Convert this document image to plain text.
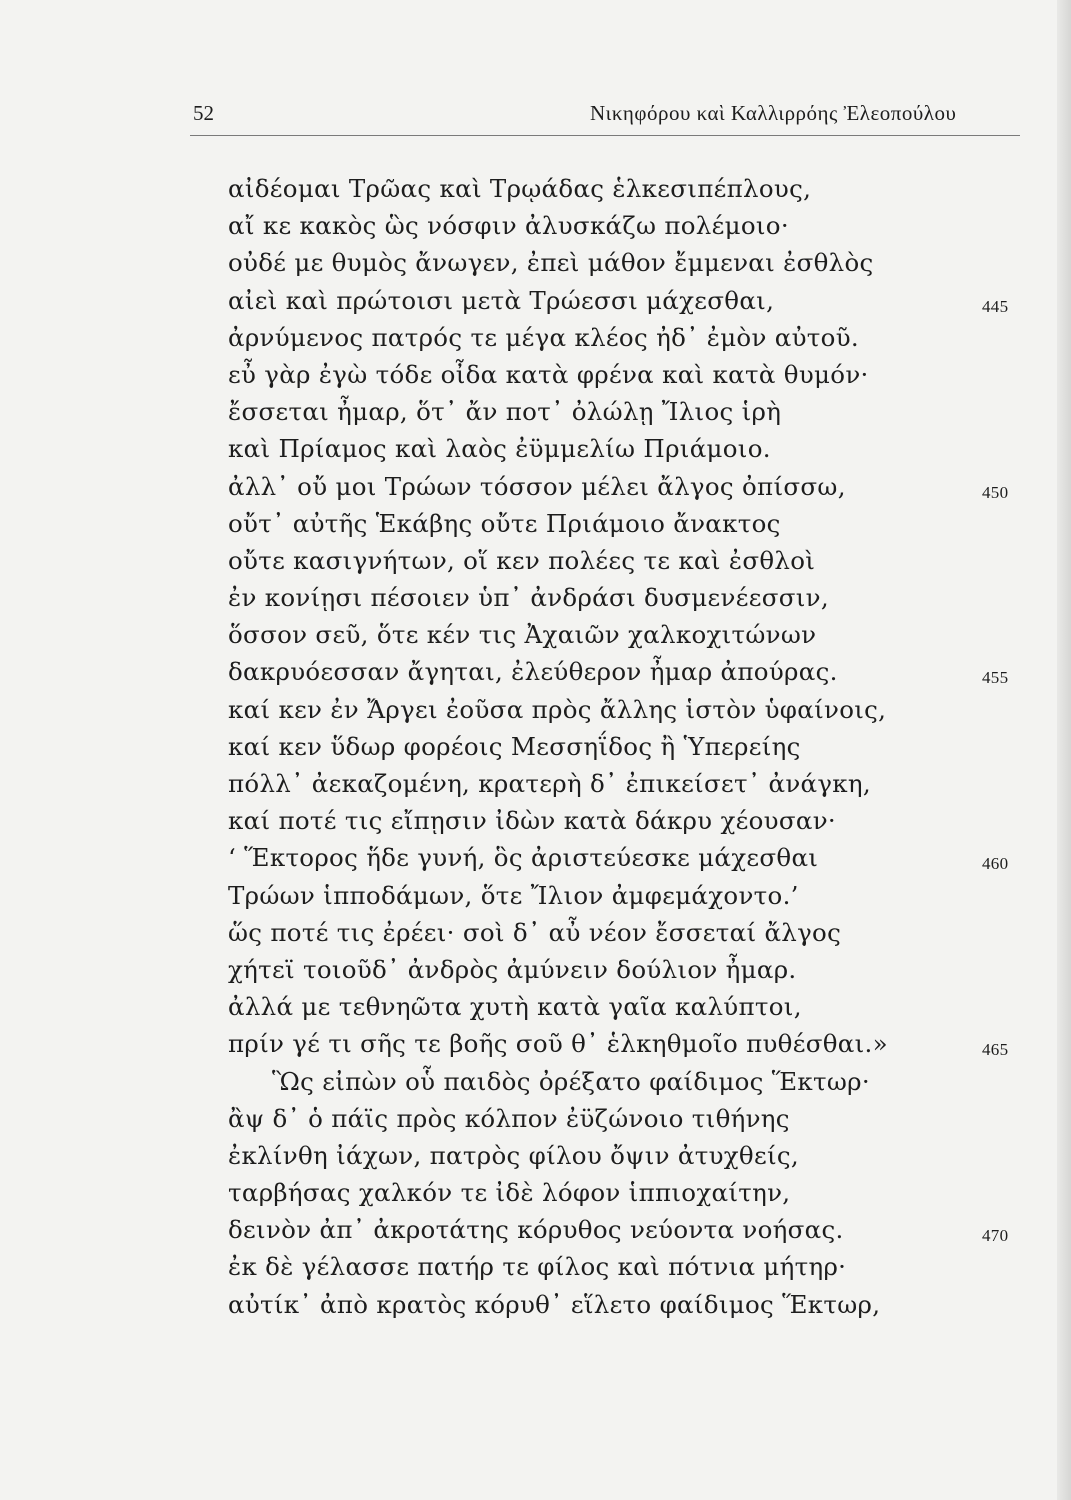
52	Νικηφόρου καὶ Καλλιρρόης Ἐλεοπούλου
αἰδέομαι Τρῶας καὶ Τρῳάδας ἑλκεσιπέπλους,
αἴ κε κακὸς ὣς νόσφιν ἀλυσκάζω πολέμοιο·
οὐδέ με θυμὸς ἄνωγεν, ἐπεὶ μάθον ἔμμεναι ἐσθλὸς
αἰεὶ καὶ πρώτοισι μετὰ Τρώεσσι μάχεσθαι,	445
ἀρνύμενος πατρός τε μέγα κλέος ἠδ᾽ ἐμὸν αὐτοῦ.
εὖ γὰρ ἐγὼ τόδε οἶδα κατὰ φρένα καὶ κατὰ θυμόν·
ἔσσεται ἦμαρ, ὅτ᾽ ἄν ποτ᾽ ὀλώλῃ Ἴλιος ἱρὴ
καὶ Πρίαμος καὶ λαὸς ἐϋμμελίω Πριάμοιο.
ἀλλ᾽ οὔ μοι Τρώων τόσσον μέλει ἄλγος ὀπίσσω,	450
οὔτ᾽ αὐτῆς Ἑκάβης οὔτε Πριάμοιο ἄνακτος
οὔτε κασιγνήτων, οἵ κεν πολέες τε καὶ ἐσθλοὶ
ἐν κονίῃσι πέσοιεν ὑπ᾽ ἀνδράσι δυσμενέεσσιν,
ὅσσον σεῦ, ὅτε κέν τις Ἀχαιῶν χαλκοχιτώνων
δακρυόεσσαν ἄγηται, ἐλεύθερον ἦμαρ ἀπούρας.	455
καί κεν ἐν Ἄργει ἐοῦσα πρὸς ἄλλης ἱστὸν ὑφαίνοις,
καί κεν ὕδωρ φορέοις Μεσσηΐδος ἢ Ὑπερείης
πόλλ᾽ ἀεκαζομένη, κρατερὴ δ᾽ ἐπικείσετ᾽ ἀνάγκη,
καί ποτέ τις εἴπῃσιν ἰδὼν κατὰ δάκρυ χέουσαν·
‘ Ἕκτορος ἥδε γυνή, ὃς ἀριστεύεσκε μάχεσθαι	460
Τρώων ἱπποδάμων, ὅτε Ἴλιον ἀμφεμάχοντο.’
ὥς ποτέ τις ἐρέει· σοὶ δ᾽ αὖ νέον ἔσσεταί ἄλγος
χήτεϊ τοιοῦδ᾽ ἀνδρὸς ἀμύνειν δούλιον ἦμαρ.
ἀλλά με τεθνηῶτα χυτὴ κατὰ γαῖα καλύπτοι,
πρίν γέ τι σῆς τε βοῆς σοῦ θ᾽ ἑλκηθμοῖο πυθέσθαι.»	465
Ὣς εἰπὼν οὗ παιδὸς ὀρέξατο φαίδιμος Ἕκτωρ·
ἂψ δ᾽ ὁ πάϊς πρὸς κόλπον ἐϋζώνοιο τιθήνης
ἐκλίνθη ἰάχων, πατρὸς φίλου ὄψιν ἀτυχθείς,
ταρβήσας χαλκόν τε ἰδὲ λόφον ἱππιοχαίτην,
δεινὸν ἀπ᾽ ἀκροτάτης κόρυθος νεύοντα νοήσας.	470
ἐκ δὲ γέλασσε πατήρ τε φίλος καὶ πότνια μήτηρ·
αὐτίκ᾽ ἀπὸ κρατὸς κόρυθ᾽ εἵλετο φαίδιμος Ἕκτωρ,
